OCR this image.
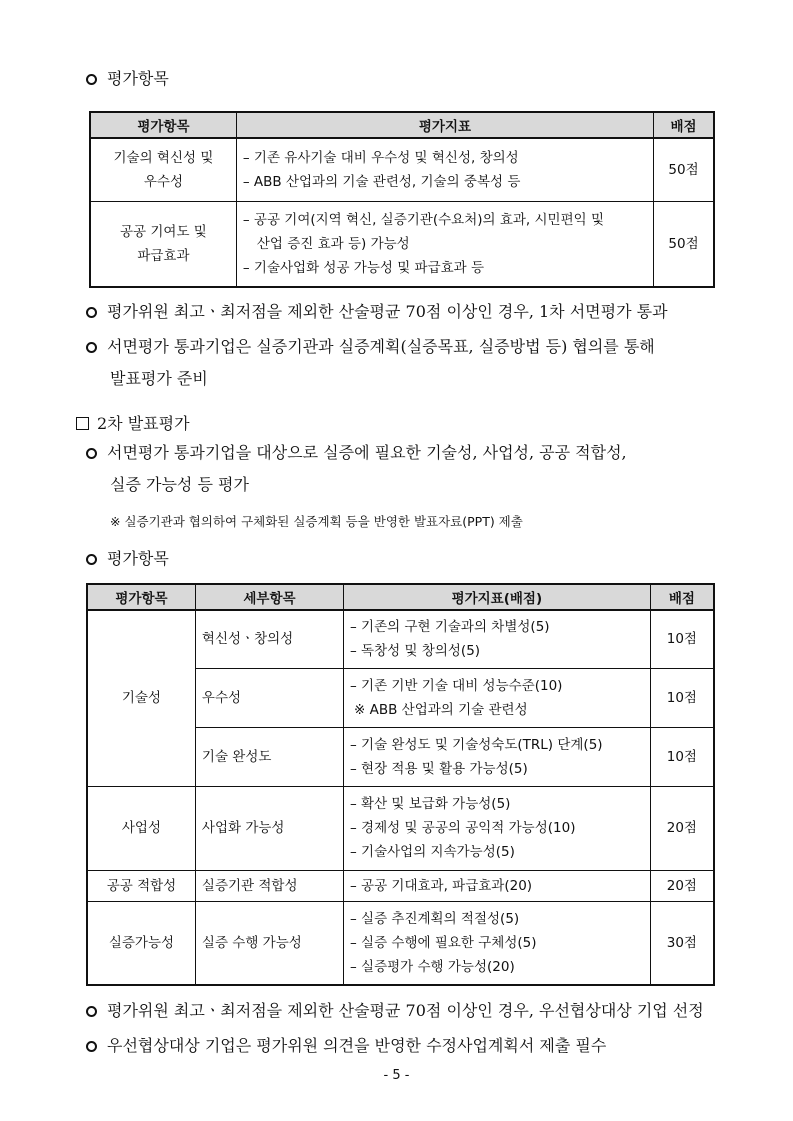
평가항목
평가항목	평가지표	배점

기술의 혁신성 및
우수성	– 기존 유사기술 대비 우수성 및 혁신성, 창의성
– ABB 산업과의 기술 관련성, 기술의 중복성 등	50점

공공 기여도 및
파급효과	– 공공 기여(지역 혁신, 실증기관(수요처)의 효과, 시민편익 및
산업 증진 효과 등) 가능성
– 기술사업화 성공 가능성 및 파급효과 등	50점
평가위원 최고ㆍ최저점을 제외한 산술평균 70점 이상인 경우, 1차 서면평가 통과
서면평가 통과기업은 실증기관과 실증계획(실증목표, 실증방법 등) 협의를 통해
발표평가 준비
2차 발표평가
서면평가 통과기업을 대상으로 실증에 필요한 기술성, 사업성, 공공 적합성,
실증 가능성 등 평가
※ 실증기관과 협의하여 구체화된 실증계획 등을 반영한 발표자료(PPT) 제출
평가항목
평가항목	세부항목	평가지표(배점)	배점
기술성	혁신성ㆍ창의성	– 기존의 구현 기술과의 차별성(5)
– 독창성 및 창의성(5)	10점
	우수성	– 기존 기반 기술 대비 성능수준(10)
※ ABB 산업과의 기술 관련성	10점
	기술 완성도	– 기술 완성도 및 기술성숙도(TRL) 단계(5)
– 현장 적용 및 활용 가능성(5)	10점
사업성	사업화 가능성	– 확산 및 보급화 가능성(5)
– 경제성 및 공공의 공익적 가능성(10)
– 기술사업의 지속가능성(5)	20점
공공 적합성	실증기관 적합성	– 공공 기대효과, 파급효과(20)	20점
실증가능성	실증 수행 가능성	– 실증 추진계획의 적절성(5)
– 실증 수행에 필요한 구체성(5)
– 실증평가 수행 가능성(20)	30점
평가위원 최고ㆍ최저점을 제외한 산술평균 70점 이상인 경우, 우선협상대상 기업 선정
우선협상대상 기업은 평가위원 의견을 반영한 수정사업계획서 제출 필수
- 5 -
